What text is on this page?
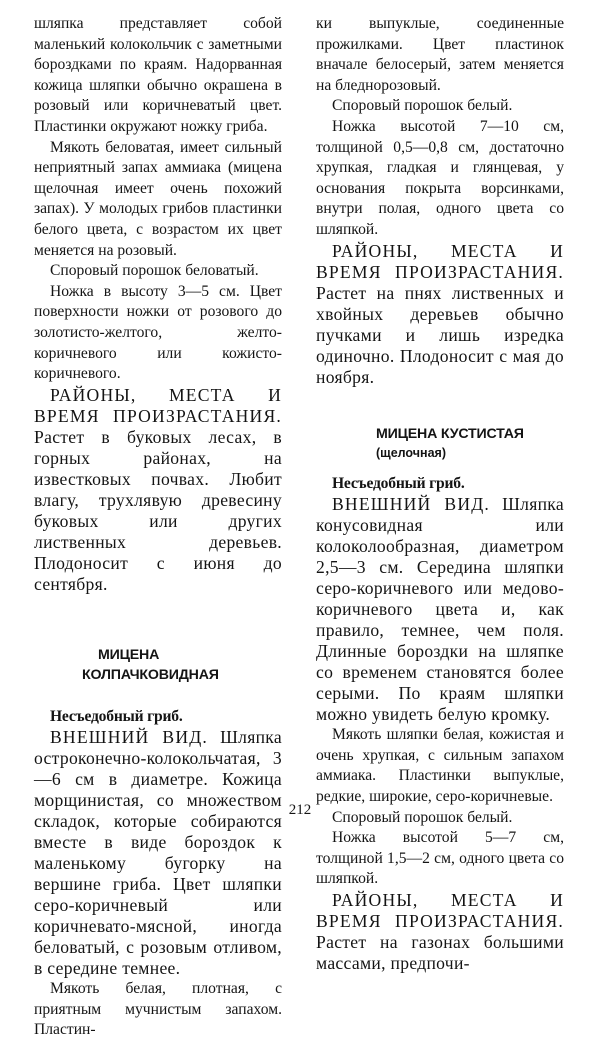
шляпка представляет собой маленький колокольчик с заметными бороздками по краям. Надорванная кожица шляпки обычно окрашена в розовый или коричневатый цвет. Пластинки окружают ножку гриба.

Мякоть беловатая, имеет сильный неприятный запах аммиака (мицена щелочная имеет очень похожий запах). У молодых грибов пластинки белого цвета, с возрастом их цвет меняется на розовый.

Споровый порошок беловатый.

Ножка в высоту 3—5 см. Цвет поверхности ножки от розового до золотисто-желтого, желто-коричневого или кожисто-коричневого.

РАЙОНЫ, МЕСТА И ВРЕМЯ ПРОИЗРАСТАНИЯ. Растет в буковых лесах, в горных районах, на известковых почвах. Любит влагу, трухлявую древесину буковых или других лиственных деревьев. Плодоносит с июня до сентября.

МИЦЕНА КОЛПАЧКОВИДНАЯ

Несъедобный гриб.

ВНЕШНИЙ ВИД. Шляпка остроконечно-колокольчатая, 3—6 см в диаметре. Кожица морщинистая, со множеством складок, которые собираются вместе в виде бороздок к маленькому бугорку на вершине гриба. Цвет шляпки серо-коричневый или коричневато-мясной, иногда беловатый, с розовым отливом, в середине темнее.

Мякоть белая, плотная, с приятным мучнистым запахом. Пластин-

ки выпуклые, соединенные прожилками. Цвет пластинок вначале белосерый, затем меняется на бледнорозовый.

Споровый порошок белый.

Ножка высотой 7—10 см, толщиной 0,5—0,8 см, достаточно хрупкая, гладкая и глянцевая, у основания покрыта ворсинками, внутри полая, одного цвета со шляпкой.

РАЙОНЫ, МЕСТА И ВРЕМЯ ПРОИЗРАСТАНИЯ. Растет на пнях лиственных и хвойных деревьев обычно пучками и лишь изредка одиночно. Плодоносит с мая до ноября.

МИЦЕНА КУСТИСТАЯ

(щелочная)

Несъедобный гриб.

ВНЕШНИЙ ВИД. Шляпка конусовидная или колоколообразная, диаметром 2,5—3 см. Середина шляпки серо-коричневого или медово-коричневого цвета и, как правило, темнее, чем поля. Длинные бороздки на шляпке со временем становятся более серыми. По краям шляпки можно увидеть белую кромку.

Мякоть шляпки белая, кожистая и очень хрупкая, с сильным запахом аммиака. Пластинки выпуклые, редкие, широкие, серо-коричневые.

Споровый порошок белый.

Ножка высотой 5—7 см, толщиной 1,5—2 см, одного цвета со шляпкой.

РАЙОНЫ, МЕСТА И ВРЕМЯ ПРОИЗРАСТАНИЯ. Растет на газонах большими массами, предпочи-

212
